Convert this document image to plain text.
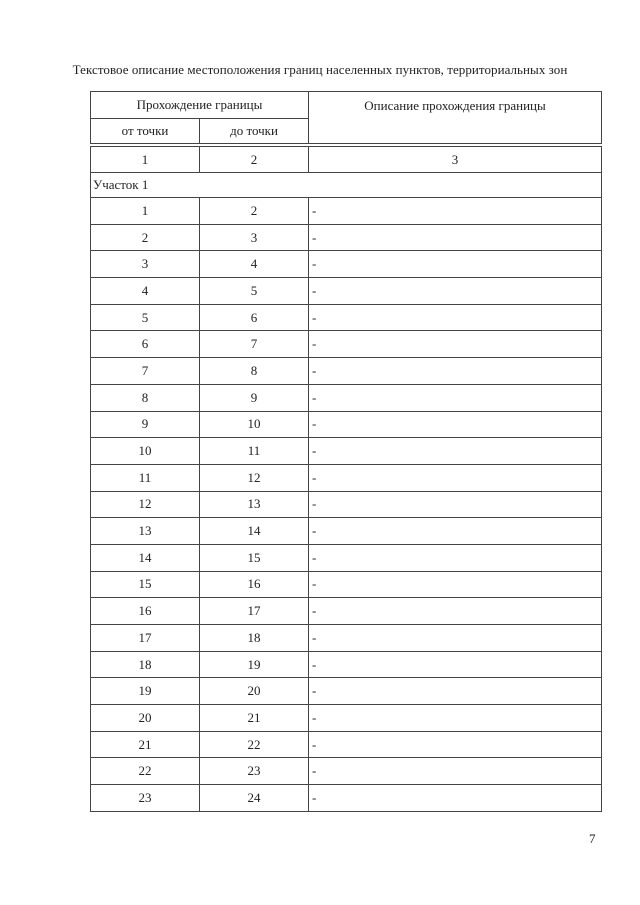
Текстовое описание местоположения границ населенных пунктов, территориальных зон
Прохождение границы		Описание прохождения границы
от точки	до точки	

1	2	3
Участок 1		
1	2	-
2	3	-
3	4	-
4	5	-
5	6	-
6	7	-
7	8	-
8	9	-
9	10	-
10	11	-
11	12	-
12	13	-
13	14	-
14	15	-
15	16	-
16	17	-
17	18	-
18	19	-
19	20	-
20	21	-
21	22	-
22	23	-
23	24	-
7
